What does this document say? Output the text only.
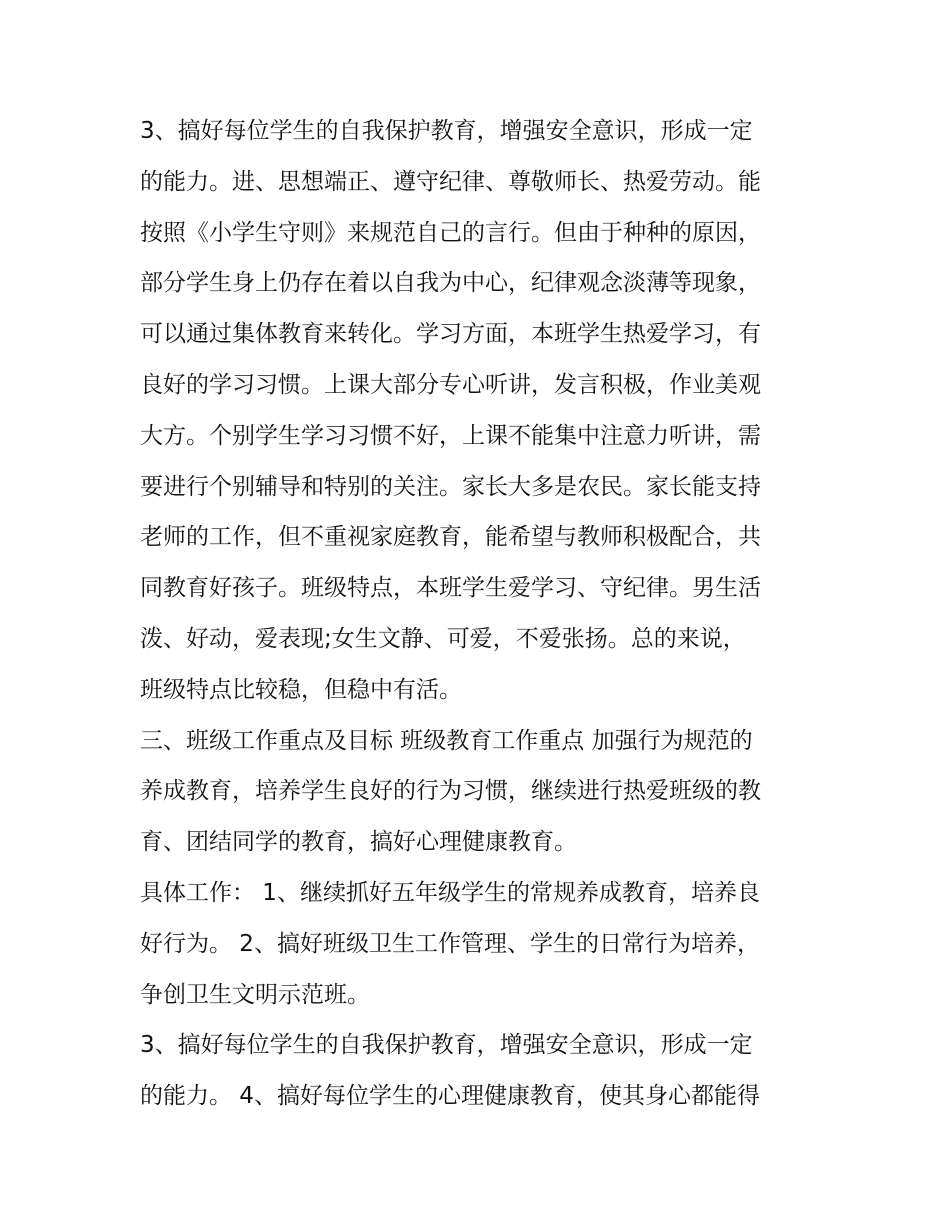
3、搞好每位学生的自我保护教育，增强安全意识，形成一定
的能力。进、思想端正、遵守纪律、尊敬师长、热爱劳动。能
按照《小学生守则》来规范自己的言行。但由于种种的原因，
部分学生身上仍存在着以自我为中心，纪律观念淡薄等现象，
可以通过集体教育来转化。学习方面，本班学生热爱学习，有
良好的学习习惯。上课大部分专心听讲，发言积极，作业美观
大方。个别学生学习习惯不好，上课不能集中注意力听讲，需
要进行个别辅导和特别的关注。家长大多是农民。家长能支持
老师的工作，但不重视家庭教育，能希望与教师积极配合，共
同教育好孩子。班级特点，本班学生爱学习、守纪律。男生活
泼、好动，爱表现;女生文静、可爱，不爱张扬。总的来说，
班级特点比较稳，但稳中有活。
三、班级工作重点及目标 班级教育工作重点 加强行为规范的
养成教育，培养学生良好的行为习惯，继续进行热爱班级的教
育、团结同学的教育，搞好心理健康教育。
具体工作： 1、继续抓好五年级学生的常规养成教育，培养良
好行为。 2、搞好班级卫生工作管理、学生的日常行为培养，
争创卫生文明示范班。
3、搞好每位学生的自我保护教育，增强安全意识，形成一定
的能力。 4、搞好每位学生的心理健康教育，使其身心都能得
